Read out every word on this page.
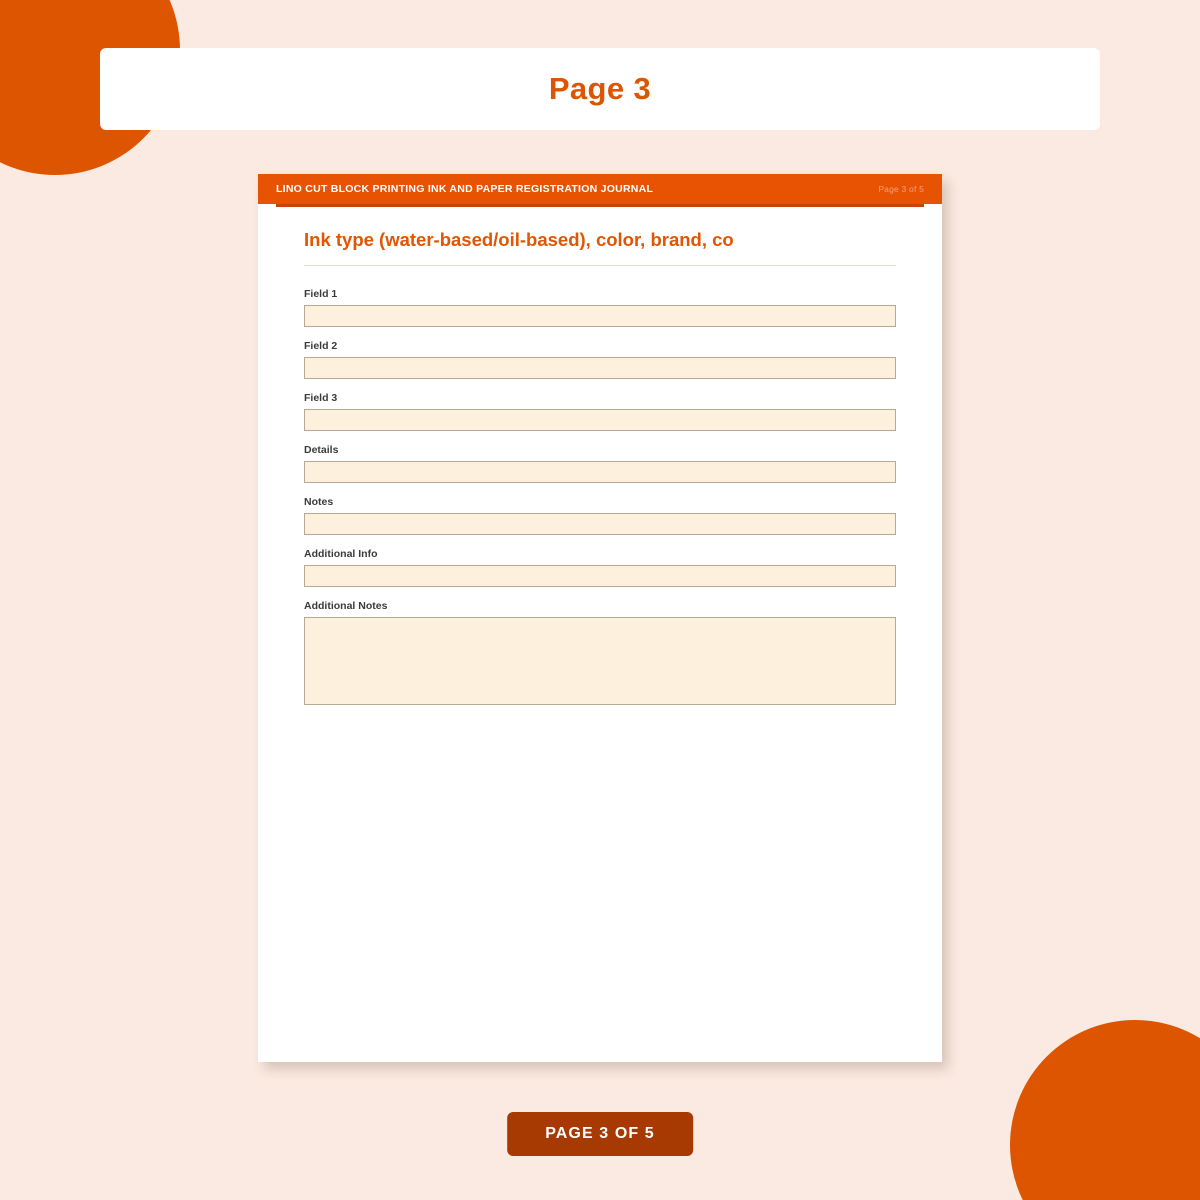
Page 3
LINO CUT BLOCK PRINTING INK AND PAPER REGISTRATION JOURNAL	Page 3 of 5
Ink type (water-based/oil-based), color, brand, co
Field 1
Field 2
Field 3
Details
Notes
Additional Info
Additional Notes
PAGE 3 OF 5
